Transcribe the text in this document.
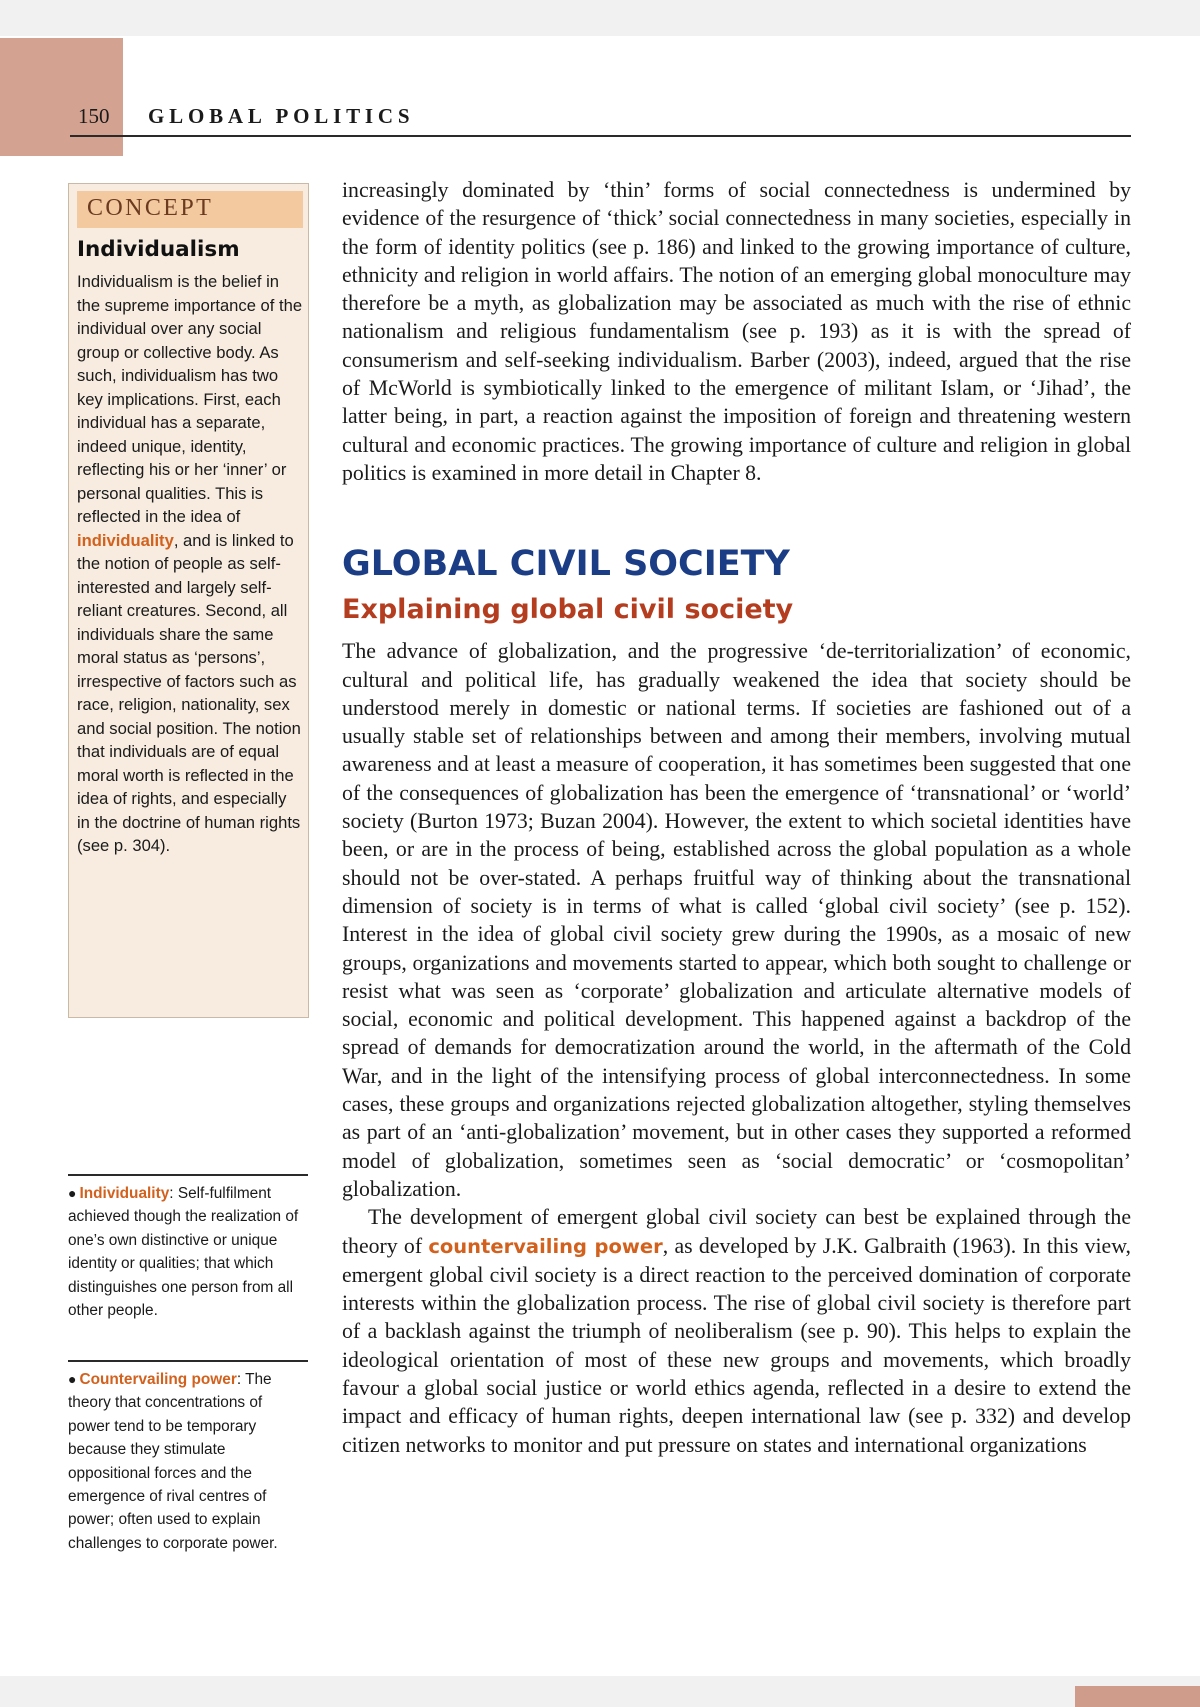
150 GLOBAL POLITICS
CONCEPT
Individualism
Individualism is the belief in the supreme importance of the individual over any social group or collective body. As such, individualism has two key implications. First, each individual has a separate, indeed unique, identity, reflecting his or her ‘inner’ or personal qualities. This is reflected in the idea of individuality, and is linked to the notion of people as self-interested and largely self-reliant creatures. Second, all individuals share the same moral status as ‘persons’, irrespective of factors such as race, religion, nationality, sex and social position. The notion that individuals are of equal moral worth is reflected in the idea of rights, and especially in the doctrine of human rights (see p. 304).
● Individuality: Self-fulfilment achieved though the realization of one’s own distinctive or unique identity or qualities; that which distinguishes one person from all other people.
● Countervailing power: The theory that concentrations of power tend to be temporary because they stimulate oppositional forces and the emergence of rival centres of power; often used to explain challenges to corporate power.

increasingly dominated by ‘thin’ forms of social connectedness is undermined by evidence of the resurgence of ‘thick’ social connectedness in many societies, especially in the form of identity politics (see p. 186) and linked to the growing importance of culture, ethnicity and religion in world affairs. The notion of an emerging global monoculture may therefore be a myth, as globalization may be associated as much with the rise of ethnic nationalism and religious fundamentalism (see p. 193) as it is with the spread of consumerism and self-seeking individualism. Barber (2003), indeed, argued that the rise of McWorld is symbiotically linked to the emergence of militant Islam, or ‘Jihad’, the latter being, in part, a reaction against the imposition of foreign and threatening western cultural and economic practices. The growing importance of culture and religion in global politics is examined in more detail in Chapter 8.

GLOBAL CIVIL SOCIETY
Explaining global civil society

The advance of globalization, and the progressive ‘de-territorialization’ of economic, cultural and political life, has gradually weakened the idea that society should be understood merely in domestic or national terms. If societies are fashioned out of a usually stable set of relationships between and among their members, involving mutual awareness and at least a measure of cooperation, it has sometimes been suggested that one of the consequences of globalization has been the emergence of ‘transnational’ or ‘world’ society (Burton 1973; Buzan 2004). However, the extent to which societal identities have been, or are in the process of being, established across the global population as a whole should not be over-stated. A perhaps fruitful way of thinking about the transnational dimension of society is in terms of what is called ‘global civil society’ (see p. 152). Interest in the idea of global civil society grew during the 1990s, as a mosaic of new groups, organizations and movements started to appear, which both sought to challenge or resist what was seen as ‘corporate’ globalization and articulate alternative models of social, economic and political development. This happened against a backdrop of the spread of demands for democratization around the world, in the aftermath of the Cold War, and in the light of the intensifying process of global interconnectedness. In some cases, these groups and organizations rejected globalization altogether, styling themselves as part of an ‘anti-globalization’ movement, but in other cases they supported a reformed model of globalization, sometimes seen as ‘social democratic’ or ‘cosmopolitan’ globalization.

The development of emergent global civil society can best be explained through the theory of countervailing power, as developed by J.K. Galbraith (1963). In this view, emergent global civil society is a direct reaction to the perceived domination of corporate interests within the globalization process. The rise of global civil society is therefore part of a backlash against the triumph of neoliberalism (see p. 90). This helps to explain the ideological orientation of most of these new groups and movements, which broadly favour a global social justice or world ethics agenda, reflected in a desire to extend the impact and efficacy of human rights, deepen international law (see p. 332) and develop citizen networks to monitor and put pressure on states and international organizations
